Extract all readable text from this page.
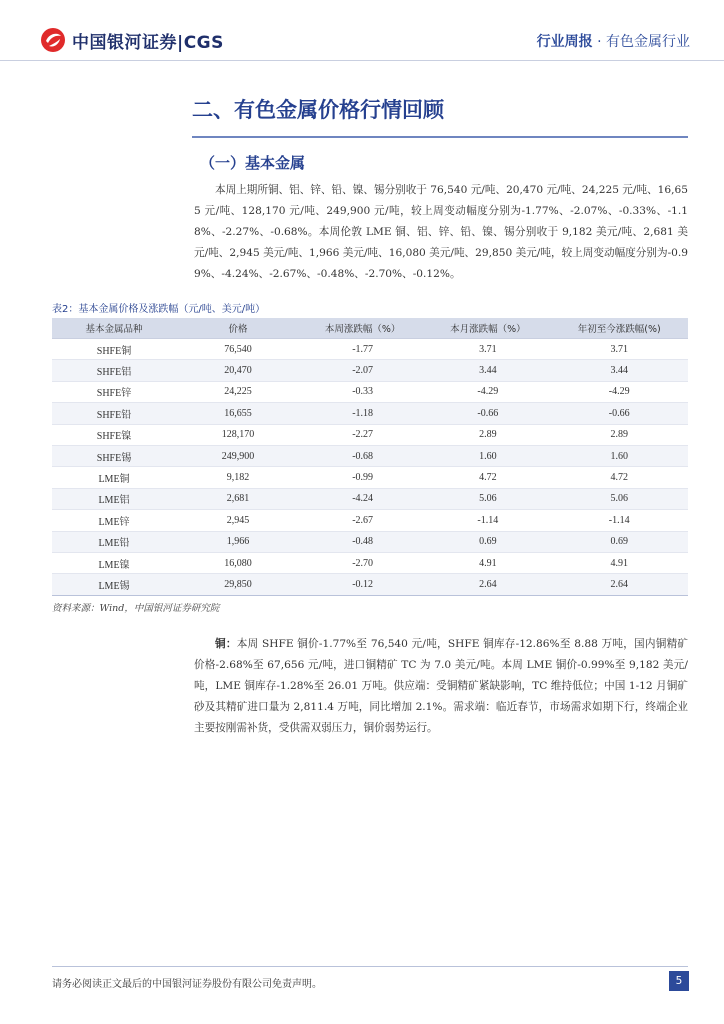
中国银河证券|CGS	行业周报 · 有色金属行业
二、有色金属价格行情回顾
（一）基本金属
本周上期所铜、铝、锌、铅、镍、锡分别收于 76,540 元/吨、20,470 元/吨、24,225 元/吨、16,655 元/吨、128,170 元/吨、249,900 元/吨，较上周变动幅度分别为-1.77%、-2.07%、-0.33%、-1.18%、-2.27%、-0.68%。本周伦敦 LME 铜、铝、锌、铅、镍、锡分别收于 9,182 美元/吨、2,681 美元/吨、2,945 美元/吨、1,966 美元/吨、16,080 美元/吨、29,850 美元/吨，较上周变动幅度分别为-0.99%、-4.24%、-2.67%、-0.48%、-2.70%、-0.12%。
表2：基本金属价格及涨跌幅（元/吨、美元/吨）
基本金属品种	价格	本周涨跌幅（%）	本月涨跌幅（%）	年初至今涨跌幅(%)
SHFE铜	76,540	-1.77	3.71	3.71
SHFE铝	20,470	-2.07	3.44	3.44
SHFE锌	24,225	-0.33	-4.29	-4.29
SHFE铅	16,655	-1.18	-0.66	-0.66
SHFE镍	128,170	-2.27	2.89	2.89
SHFE锡	249,900	-0.68	1.60	1.60
LME铜	9,182	-0.99	4.72	4.72
LME铝	2,681	-4.24	5.06	5.06
LME锌	2,945	-2.67	-1.14	-1.14
LME铅	1,966	-0.48	0.69	0.69
LME镍	16,080	-2.70	4.91	4.91
LME锡	29,850	-0.12	2.64	2.64
资料来源：Wind，中国银河证券研究院
铜：本周 SHFE 铜价-1.77%至 76,540 元/吨，SHFE 铜库存-12.86%至 8.88 万吨，国内铜精矿价格-2.68%至 67,656 元/吨，进口铜精矿 TC 为 7.0 美元/吨。本周 LME 铜价-0.99%至 9,182 美元/吨，LME 铜库存-1.28%至 26.01 万吨。供应端：受铜精矿紧缺影响，TC 维持低位；中国 1-12 月铜矿砂及其精矿进口量为 2,811.4 万吨，同比增加 2.1%。需求端：临近春节，市场需求如期下行，终端企业主要按刚需补货，受供需双弱压力，铜价弱势运行。
请务必阅读正文最后的中国银河证券股份有限公司免责声明。	5
